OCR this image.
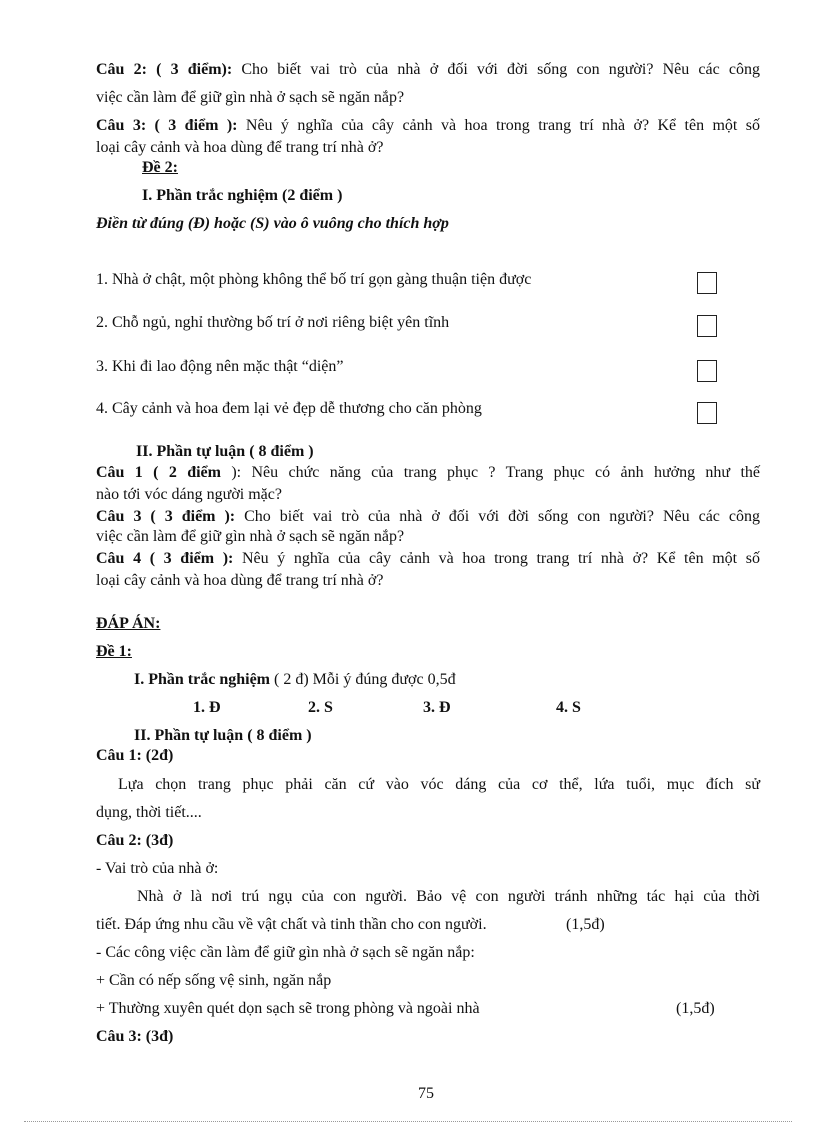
Câu 2: ( 3 điểm): Cho biết vai trò của nhà ở đối với đời sống con người? Nêu các công
việc cần làm để giữ gìn nhà ở sạch sẽ ngăn nắp?
Câu 3: ( 3 điểm ): Nêu ý nghĩa của cây cảnh và hoa trong trang trí nhà ở? Kể tên một số
loại cây cảnh và hoa dùng để trang trí nhà ở?
Đề 2:
I. Phần trắc nghiệm (2 điểm )
Điền từ đúng (Đ) hoặc (S) vào ô vuông cho thích hợp
1. Nhà ở chật, một phòng không thể bố trí gọn gàng thuận tiện được
2. Chỗ ngủ, nghỉ thường bố trí ở nơi riêng biệt yên tĩnh
3. Khi đi lao động nên mặc thật “diện”
4. Cây cảnh và hoa đem lại vẻ đẹp dễ thương cho căn phòng
II. Phần tự luận ( 8 điểm )
Câu 1 ( 2 điểm ): Nêu chức năng của trang phục ? Trang phục có ảnh hưởng như thế
nào tới vóc dáng người mặc?
Câu 3 ( 3 điểm ): Cho biết vai trò của nhà ở đối với đời sống con người? Nêu các công
việc cần làm để giữ gìn nhà ở sạch sẽ ngăn nắp?
Câu 4 ( 3 điểm ): Nêu ý nghĩa của cây cảnh và hoa trong trang trí nhà ở? Kể tên một số
loại cây cảnh và hoa dùng để trang trí nhà ở?
ĐÁP ÁN:
Đề 1:
I. Phần trắc nghiệm ( 2 đ) Mỗi ý đúng được 0,5đ
1. Đ	2. S	3. Đ	4. S
II. Phần tự luận ( 8 điểm )
Câu 1: (2đ)
Lựa chọn trang phục phải căn cứ vào vóc dáng của cơ thể, lứa tuổi, mục đích sử
dụng, thời tiết....
Câu 2: (3đ)
- Vai trò của nhà ở:
Nhà ở là nơi trú ngụ của con người. Bảo vệ con người tránh những tác hại của thời
tiết. Đáp ứng nhu cầu về vật chất và tinh thần cho con người.	(1,5đ)
- Các công việc cần làm để giữ gìn nhà ở sạch sẽ ngăn nắp:
+ Cần có nếp sống vệ sinh, ngăn nắp
+ Thường xuyên quét dọn sạch sẽ trong phòng và ngoài nhà	(1,5đ)
Câu 3: (3đ)
75
